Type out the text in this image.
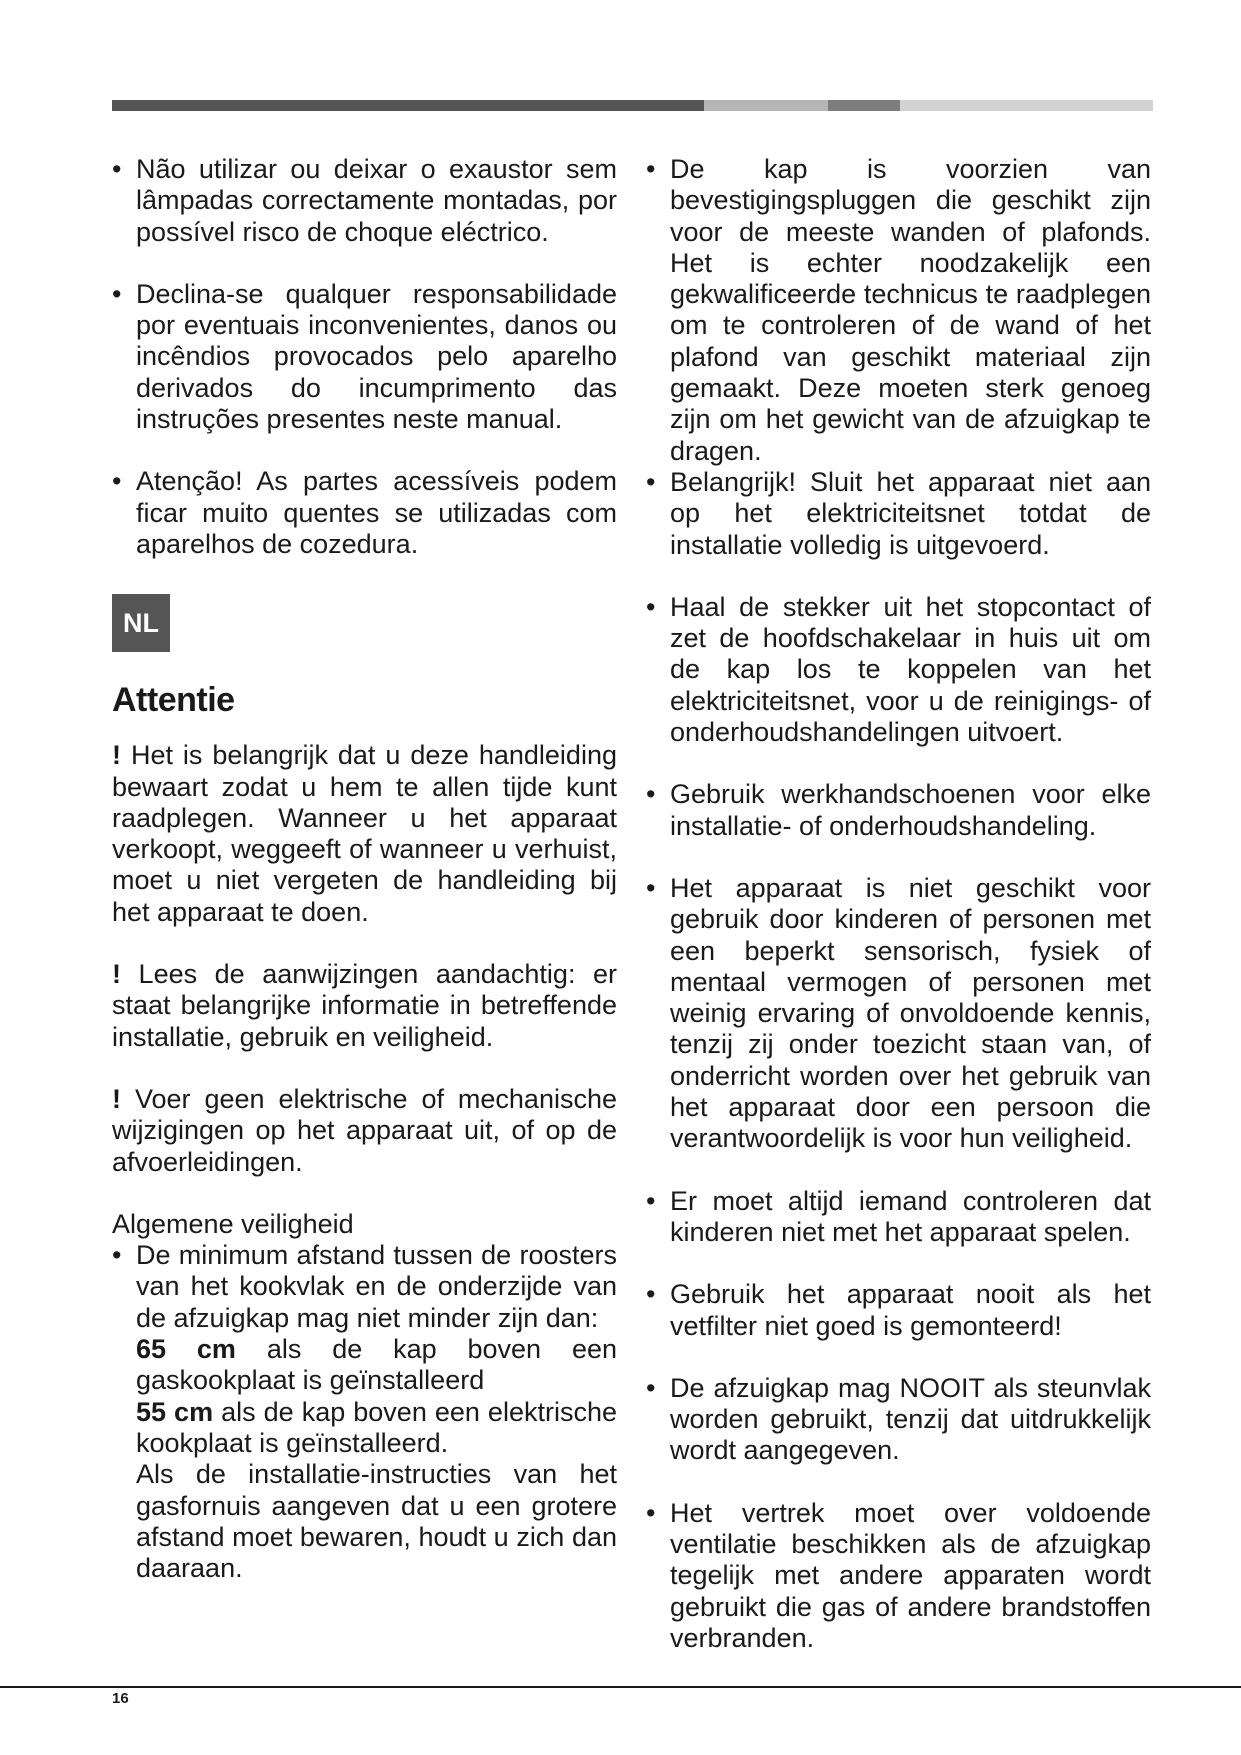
• Não utilizar ou deixar o exaustor sem lâmpadas correctamente montadas, por possível risco de choque eléctrico.
• Declina-se qualquer responsabilidade por eventuais inconvenientes, danos ou incêndios provocados pelo aparelho derivados do incumprimento das instruções presentes neste manual.
• Atenção! As partes acessíveis podem ficar muito quentes se utilizadas com aparelhos de cozedura.
NL
Attentie

! Het is belangrijk dat u deze handleiding bewaart zodat u hem te allen tijde kunt raadplegen. Wanneer u het apparaat verkoopt, weggeeft of wanneer u verhuist, moet u niet vergeten de handleiding bij het apparaat te doen.

! Lees de aanwijzingen aandachtig: er staat belangrijke informatie in betreffende installatie, gebruik en veiligheid.

! Voer geen elektrische of mechanische wijzigingen op het apparaat uit, of op de afvoerleidingen.

Algemene veiligheid

• De minimum afstand tussen de roosters van het kookvlak en de onderzijde van de afzuigkap mag niet minder zijn dan:
65 cm als de kap boven een gaskookplaat is geïnstalleerd
55 cm als de kap boven een elektrische kookplaat is geïnstalleerd.
Als de installatie-instructies van het gasfornuis aangeven dat u een grotere afstand moet bewaren, houdt u zich dan daaraan.
• De kap is voorzien van bevestigingspluggen die geschikt zijn voor de meeste wanden of plafonds. Het is echter noodzakelijk een gekwalificeerde technicus te raadplegen om te controleren of de wand of het plafond van geschikt materiaal zijn gemaakt. Deze moeten sterk genoeg zijn om het gewicht van de afzuigkap te dragen.
• Belangrijk! Sluit het apparaat niet aan op het elektriciteitsnet totdat de installatie volledig is uitgevoerd.
• Haal de stekker uit het stopcontact of zet de hoofdschakelaar in huis uit om de kap los te koppelen van het elektriciteitsnet, voor u de reinigings- of onderhoudshandelingen uitvoert.
• Gebruik werkhandschoenen voor elke installatie- of onderhoudshandeling.
• Het apparaat is niet geschikt voor gebruik door kinderen of personen met een beperkt sensorisch, fysiek of mentaal vermogen of personen met weinig ervaring of onvoldoende kennis, tenzij zij onder toezicht staan van, of onderricht worden over het gebruik van het apparaat door een persoon die verantwoordelijk is voor hun veiligheid.
• Er moet altijd iemand controleren dat kinderen niet met het apparaat spelen.
• Gebruik het apparaat nooit als het vetfilter niet goed is gemonteerd!
• De afzuigkap mag NOOIT als steunvlak worden gebruikt, tenzij dat uitdrukkelijk wordt aangegeven.
• Het vertrek moet over voldoende ventilatie beschikken als de afzuigkap tegelijk met andere apparaten wordt gebruikt die gas of andere brandstoffen verbranden.
16
